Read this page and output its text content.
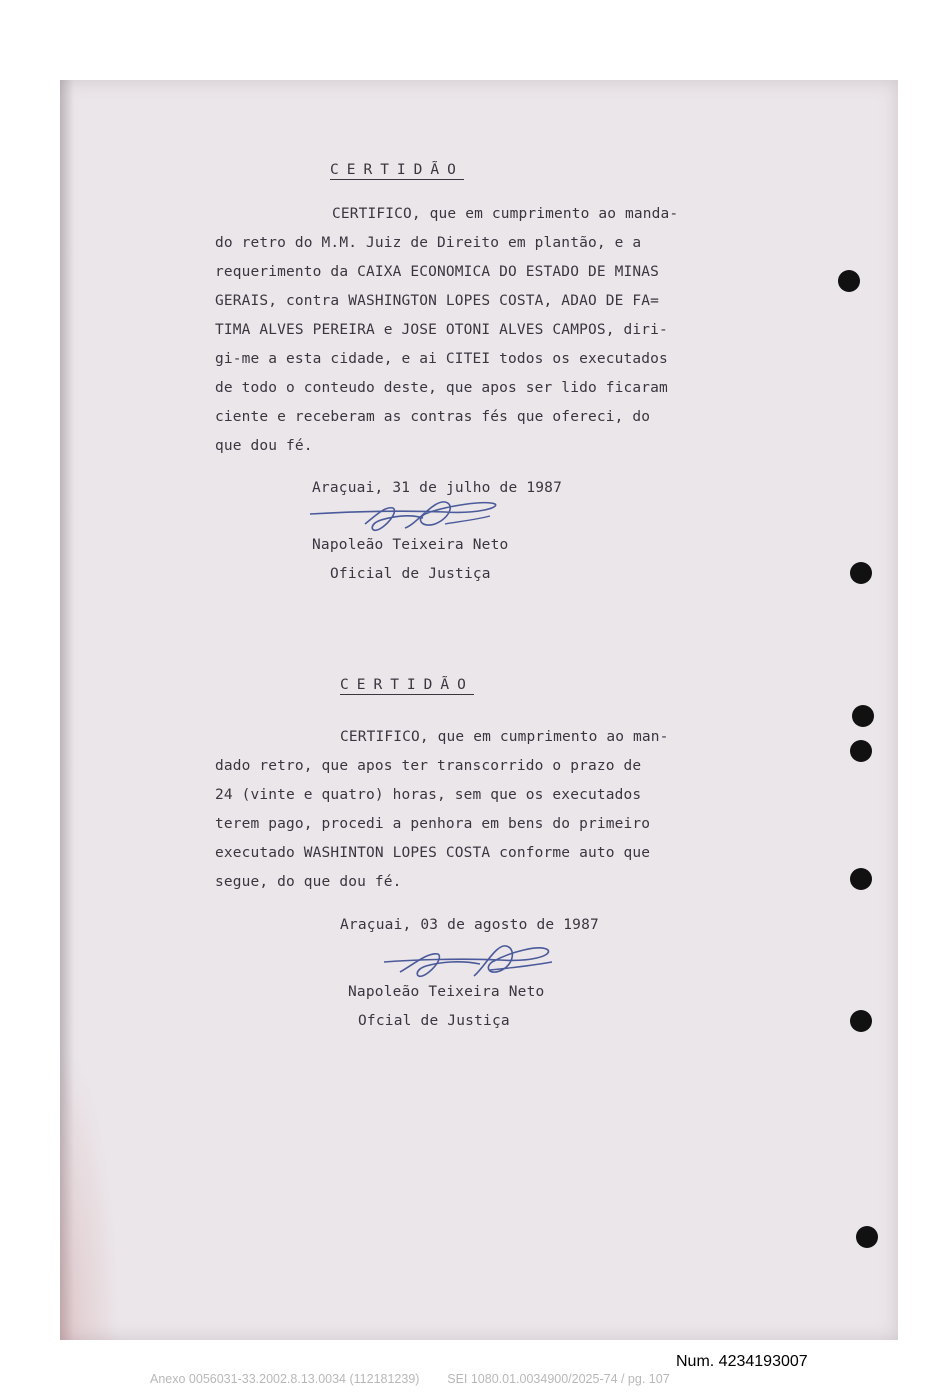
CERTIDÃO
CERTIFICO, que em cumprimento ao manda-
do retro do M.M. Juiz de Direito em plantão, e a
requerimento da CAIXA ECONOMICA DO ESTADO DE MINAS
GERAIS, contra WASHINGTON LOPES COSTA, ADAO DE FA=
TIMA ALVES PEREIRA e JOSE OTONI ALVES CAMPOS, diri-
gi-me a esta cidade, e ai CITEI todos os executados
de todo o conteudo deste, que apos ser lido ficaram
ciente e receberam as contras fés que ofereci, do
que dou fé.
Araçuai, 31 de julho de 1987
Napoleão Teixeira Neto
Oficial de Justiça
CERTIDÃO
CERTIFICO, que em cumprimento ao man-
dado retro, que apos ter transcorrido o prazo de
24 (vinte e quatro) horas, sem que os executados
terem pago, procedi a penhora em bens do primeiro
executado WASHINTON LOPES COSTA conforme auto que
segue, do que dou fé.
Araçuai, 03 de agosto de 1987
Napoleão Teixeira Neto
Ofcial de Justiça
Num. 4234193007
Anexo 0056031-33.2002.8.13.0034 (112181239)        SEI 1080.01.0034900/2025-74 / pg. 107
